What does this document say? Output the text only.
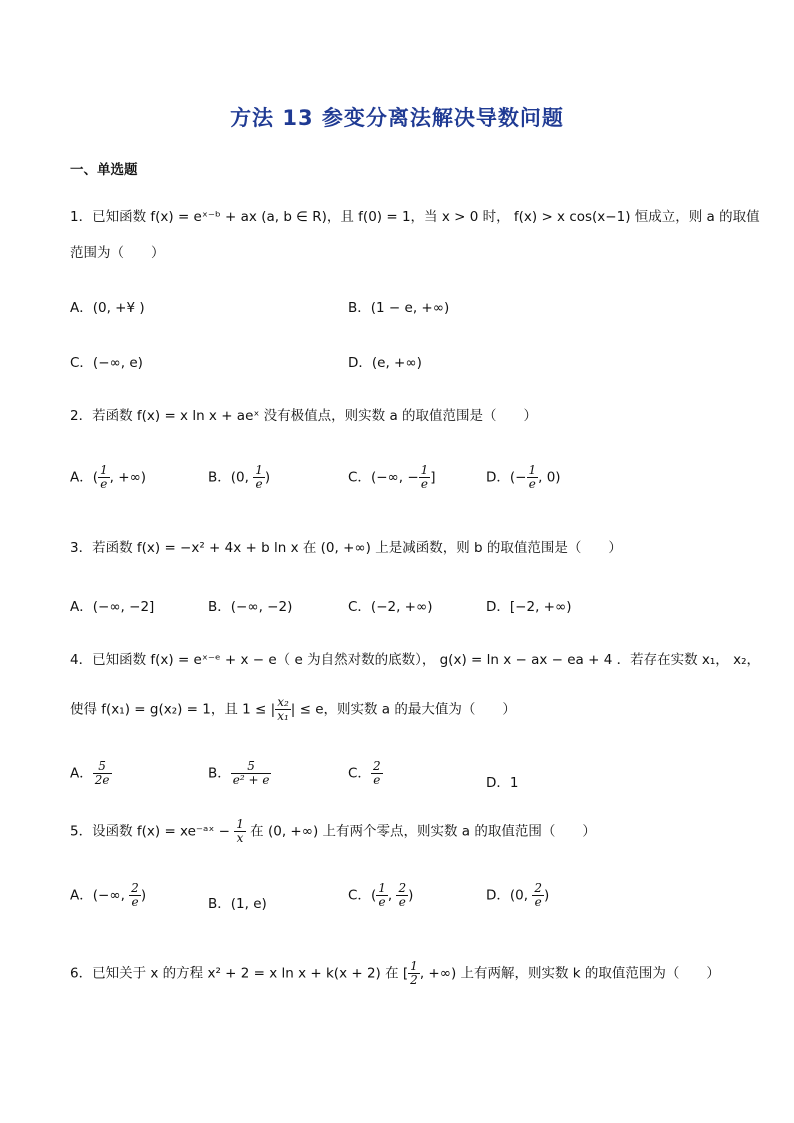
方法 13 参变分离法解决导数问题
一、单选题
1．已知函数 f(x) = eˣ⁻ᵇ + ax (a, b ∈ R)，且 f(0) = 1，当 x > 0 时， f(x) > x cos(x−1) 恒成立，则 a 的取值
范围为（　　）
A．(0, +¥ )	B．(1 − e, +∞)
C．(−∞, e)	D．(e, +∞)
2．若函数 f(x) = x ln x + aeˣ 没有极值点，则实数 a 的取值范围是（　　）
A．( $\frac{1}{e}$ , +∞)	B．(0, $\frac{1}{e}$ )	C．(−∞, − $\frac{1}{e}$ ]	D．(− $\frac{1}{e}$ , 0)
3．若函数 f(x) = −x² + 4x + b ln x 在 (0, +∞) 上是减函数，则 b 的取值范围是（　　）
A．(−∞, −2]	B．(−∞, −2)	C．(−2, +∞)	D．[−2, +∞)
4．已知函数 f(x) = eˣ⁻ᵉ + x − e（ e 为自然对数的底数）， g(x) = ln x − ax − ea + 4 ．若存在实数 x₁， x₂，
使得 f(x₁) = g(x₂) = 1，且 1 ≤ | $\frac{\text{x₂}}{\text{x₁}}$ | ≤ e，则实数 a 的最大值为（　　）
A． $\frac{5}{2e}$	B． $\frac{5}{\text{e² + e}}$	C． $\frac{2}{e}$	D．1
5．设函数 f(x) = xe⁻ᵃˣ − $\frac{1}{x}$ 在 (0, +∞) 上有两个零点，则实数 a 的取值范围（　　）
A．(−∞, $\frac{2}{e}$ )
B．(1, e)
C．( $\frac{1}{e}$ , $\frac{2}{e}$ )	D．(0, $\frac{2}{e}$ )
6．已知关于 x 的方程 x² + 2 = x ln x + k(x + 2) 在 [ $\frac{1}{2}$ , +∞) 上有两解，则实数 k 的取值范围为（　　）
